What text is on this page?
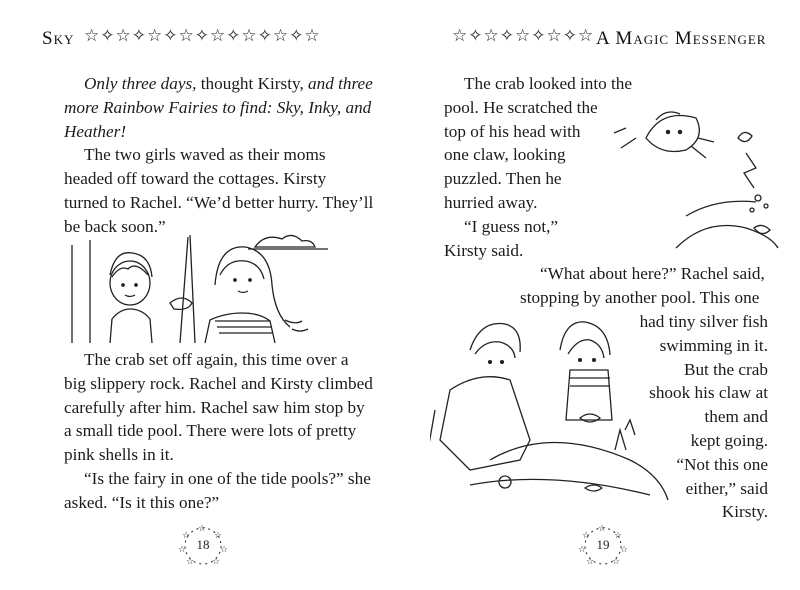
Sky ☆✧☆✧☆✧☆✧☆✧☆✧☆✧☆

Only three days, thought Kirsty, and three more Rainbow Fairies to find: Sky, Inky, and Heather!

The two girls waved as their moms headed off toward the cottages. Kirsty turned to Rachel. “We’d better hurry. They’ll be back soon.”

The crab set off again, this time over a big slippery rock. Rachel and Kirsty climbed carefully after him. Rachel saw him stop by a small tide pool. There were lots of pretty pink shells in it.

“Is the fairy in one of the tide pools?” she asked. “Is it this one?”

☆
☆	☆
☆	☆
☆ ☆
18
☆✧☆✧☆✧☆✧☆ A Magic Messenger
The crab looked into the
pool. He scratched the
top of his head with
one claw, looking
puzzled. Then he
hurried away.
“I guess not,”
Kirsty said.
“What about here?” Rachel said,
stopping by another pool. This one
had tiny silver fish
swimming in it.
But the crab
shook his claw at
them and
kept going.
“Not this one
either,” said
Kirsty.
☆
☆	☆
☆	☆
☆ ☆
19
